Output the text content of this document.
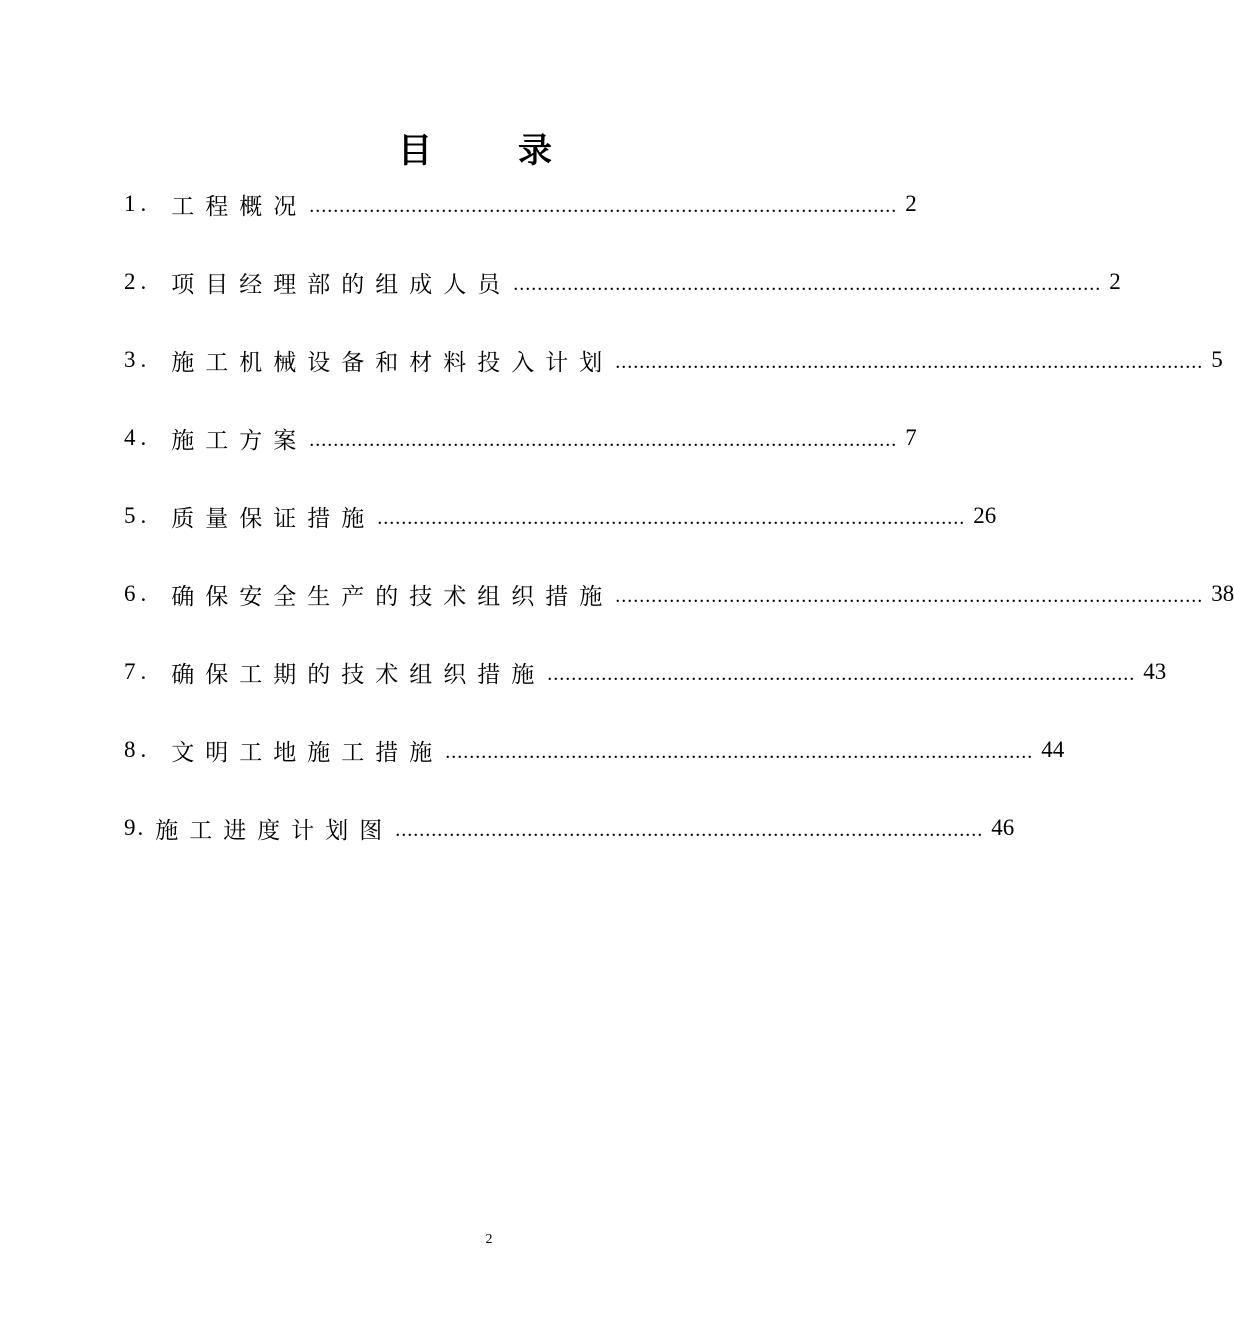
目　录
1. 工程概况 .................................................................................................. 2
2. 项目经理部的组成人员 .................................................................................................. 2
3. 施工机械设备和材料投入计划 .................................................................................................. 5
4. 施工方案 .................................................................................................. 7
5. 质量保证措施 .................................................................................................. 26
6. 确保安全生产的技术组织措施 .................................................................................................. 38
7. 确保工期的技术组织措施 .................................................................................................. 43
8. 文明工地施工措施 .................................................................................................. 44
9. 施工进度计划图 .................................................................................................. 46
2
